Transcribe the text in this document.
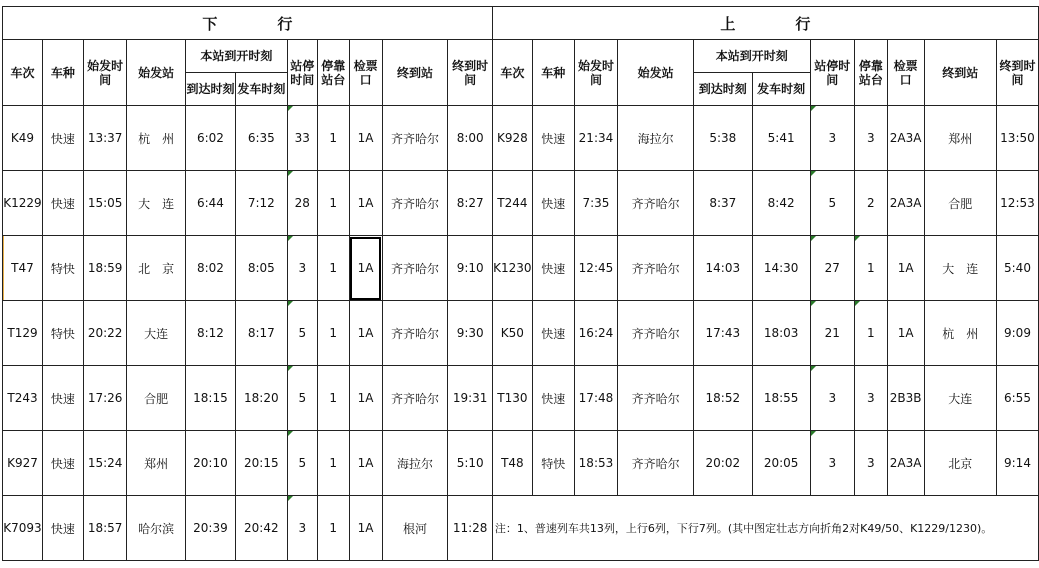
下　　　　行											上　　　　行										
车次	车种	始发时间	始发站	本站到开时刻		站停时间	停靠站台	检票口	终到站	终到时间	车次	车种	始发时间	始发站	本站到开时刻		站停时间	停靠站台	检票口	终到站	终到时间
				到达时刻	发车时刻										到达时刻	发车时刻					
K49	快速	13:37	杭　州	6:02	6:35	33	1	1A	齐齐哈尔	8:00	K928	快速	21:34	海拉尔	5:38	5:41	3	3	2A3A	郑州	13:50
K1229	快速	15:05	大　连	6:44	7:12	28	1	1A	齐齐哈尔	8:27	T244	快速	7:35	齐齐哈尔	8:37	8:42	5	2	2A3A	合肥	12:53
T47	特快	18:59	北　京	8:02	8:05	3	1	1A	齐齐哈尔	9:10	K1230	快速	12:45	齐齐哈尔	14:03	14:30	27	1	1A	大　连	5:40
T129	特快	20:22	大连	8:12	8:17	5	1	1A	齐齐哈尔	9:30	K50	快速	16:24	齐齐哈尔	17:43	18:03	21	1	1A	杭　州	9:09
T243	快速	17:26	合肥	18:15	18:20	5	1	1A	齐齐哈尔	19:31	T130	快速	17:48	齐齐哈尔	18:52	18:55	3	3	2B3B	大连	6:55
K927	快速	15:24	郑州	20:10	20:15	5	1	1A	海拉尔	5:10	T48	特快	18:53	齐齐哈尔	20:02	20:05	3	3	2A3A	北京	9:14
K7093	快速	18:57	哈尔滨	20:39	20:42	3	1	1A	根河	11:28	注：1、普速列车共13列，上行6列，下行7列。(其中图定壮志方向折角2对K49/50、K1229/1230)。										
